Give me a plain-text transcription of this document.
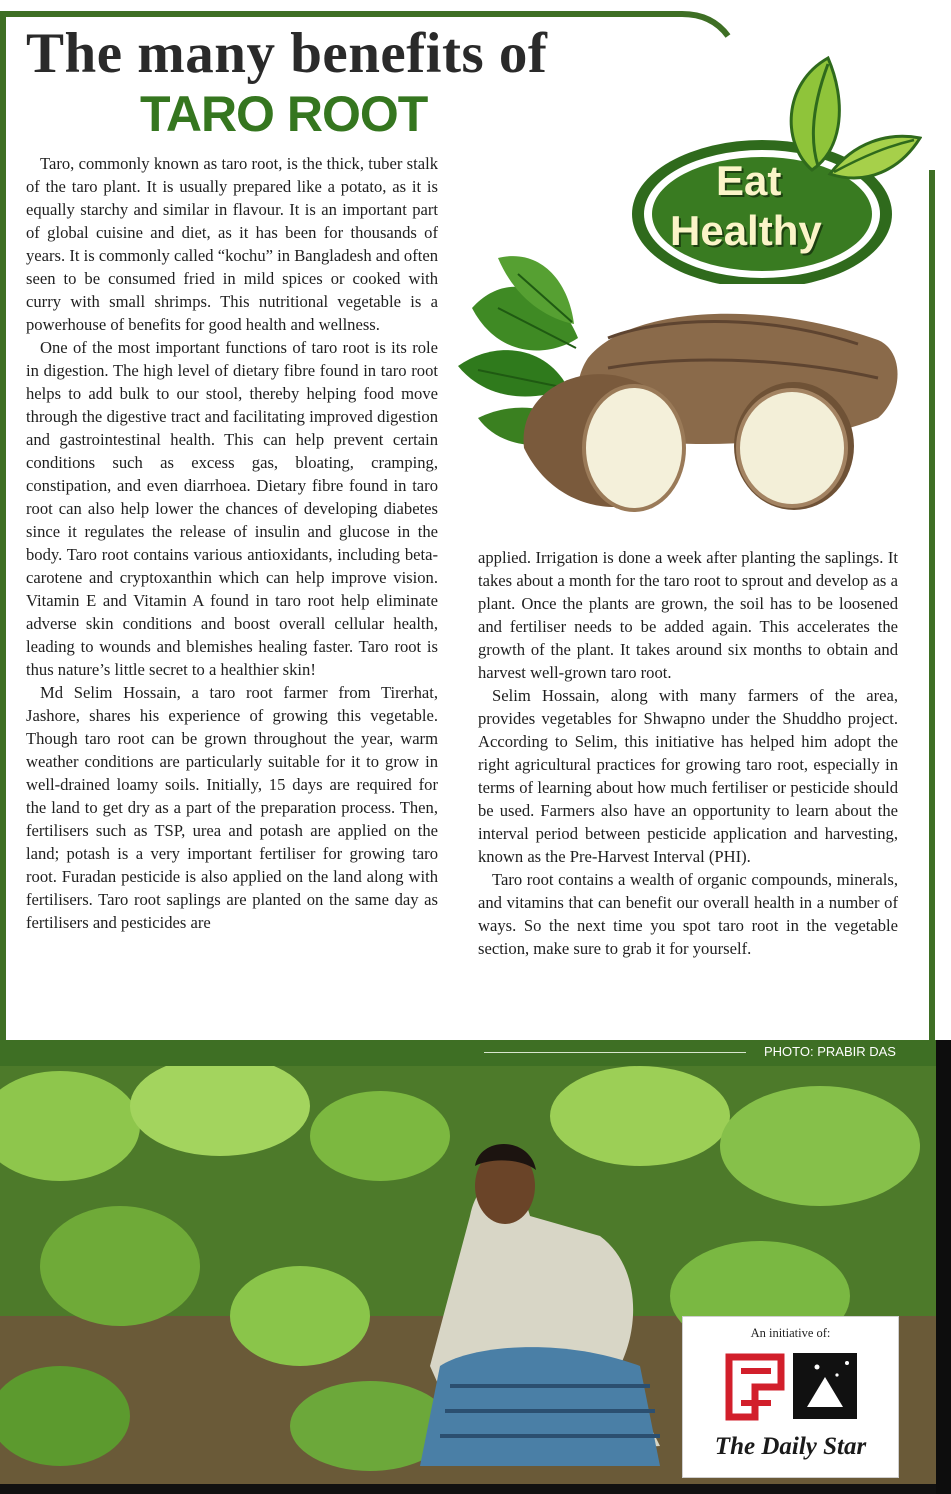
The many benefits of
TARO ROOT
Eat
Healthy

Taro, commonly known as taro root, is the thick, tuber stalk of the taro plant. It is usually prepared like a potato, as it is equally starchy and similar in flavour. It is an important part of global cuisine and diet, as it has been for thousands of years. It is commonly called “kochu” in Bangladesh and often seen to be consumed fried in mild spices or cooked with curry with small shrimps. This nutritional vegetable is a powerhouse of benefits for good health and wellness.

One of the most important functions of taro root is its role in digestion. The high level of dietary fibre found in taro root helps to add bulk to our stool, thereby helping food move through the digestive tract and facilitating improved digestion and gastrointestinal health. This can help prevent certain conditions such as excess gas, bloating, cramping, constipation, and even diarrhoea. Dietary fibre found in taro root can also help lower the chances of developing diabetes since it regulates the release of insulin and glucose in the body. Taro root contains various antioxidants, including beta-carotene and cryptoxanthin which can help improve vision. Vitamin E and Vitamin A found in taro root help eliminate adverse skin conditions and boost overall cellular health, leading to wounds and blemishes healing faster. Taro root is thus nature’s little secret to a healthier skin!

Md Selim Hossain, a taro root farmer from Tirerhat, Jashore, shares his experience of growing this vegetable. Though taro root can be grown throughout the year, warm weather conditions are particularly suitable for it to grow in well-drained loamy soils. Initially, 15 days are required for the land to get dry as a part of the preparation process. Then, fertilisers such as TSP, urea and potash are applied on the land; potash is a very important fertiliser for growing taro root. Furadan pesticide is also applied on the land along with fertilisers. Taro root saplings are planted on the same day as fertilisers and pesticides are

applied. Irrigation is done a week after planting the saplings. It takes about a month for the taro root to sprout and develop as a plant. Once the plants are grown, the soil has to be loosened and fertiliser needs to be added again. This accelerates the growth of the plant. It takes around six months to obtain and harvest well-grown taro root.

Selim Hossain, along with many farmers of the area, provides vegetables for Shwapno under the Shuddho project. According to Selim, this initiative has helped him adopt the right agricultural practices for growing taro root, especially in terms of learning about how much fertiliser or pesticide should be used. Farmers also have an opportunity to learn about the interval period between pesticide application and harvesting, known as the Pre-Harvest Interval (PHI).

Taro root contains a wealth of organic compounds, minerals, and vitamins that can benefit our overall health in a number of ways. So the next time you spot taro root in the vegetable section, make sure to grab it for yourself.

PHOTO: PRABIR DAS
An initiative of:
The Daily Star
